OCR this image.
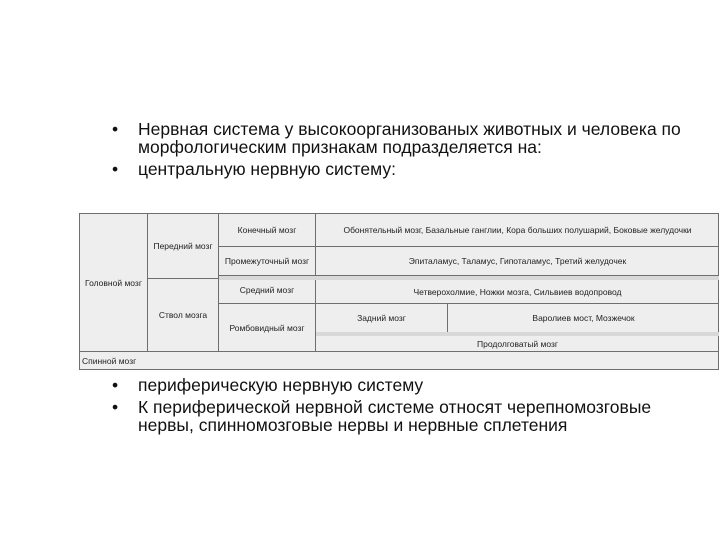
• Нервная система у высокоорганизованых животных и человека по морфологическим признакам подразделяется на:
• центральную нервную систему:
Головной мозг
Передний мозг
Ствол мозга
Конечный мозг
Промежуточный мозг
Средний мозг
Ромбовидный мозг
Обонятельный мозг, Базальные ганглии, Кора больших полушарий, Боковые желудочки
Эпиталамус, Таламус, Гипоталамус, Третий желудочек
Четверохолмие, Ножки мозга, Сильвиев водопровод
Задний мозг	Варолиев мост, Мозжечок
Продолговатый мозг
Спинной мозг
• периферическую нервную систему
• К периферической нервной системе относят черепномозговые нервы, спинномозговые нервы и нервные сплетения
